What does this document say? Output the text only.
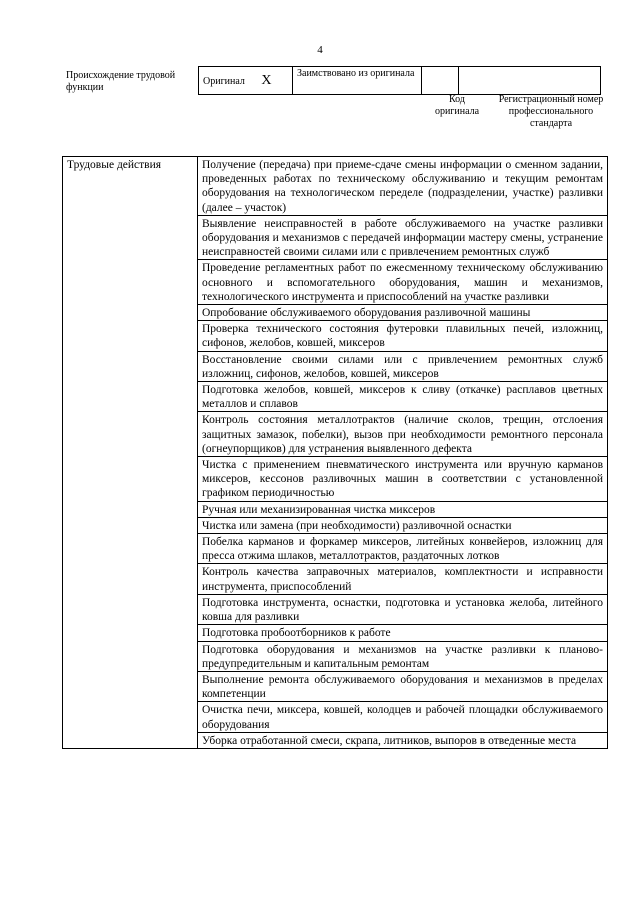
4
Происхождение трудовой функции
Оригинал X	Заимствовано из оригинала		
Код оригинала
Регистрационный номер профессионального стандарта
Трудовые действия	Получение (передача) при приеме-сдаче смены информации о сменном задании, проведенных работах по техническому обслуживанию и текущим ремонтам оборудования на технологическом переделе (подразделении, участке) разливки (далее – участок)
Выявление неисправностей в работе обслуживаемого на участке разливки оборудования и механизмов с передачей информации мастеру смены, устранение неисправностей своими силами или с привлечением ремонтных служб
Проведение регламентных работ по ежесменному техническому обслуживанию основного и вспомогательного оборудования, машин и механизмов, технологического инструмента и приспособлений на участке разливки
Опробование обслуживаемого оборудования разливочной машины
Проверка технического состояния футеровки плавильных печей, изложниц, сифонов, желобов, ковшей, миксеров
Восстановление своими силами или с привлечением ремонтных служб изложниц, сифонов, желобов, ковшей, миксеров
Подготовка желобов, ковшей, миксеров к сливу (откачке) расплавов цветных металлов и сплавов
Контроль состояния металлотрактов (наличие сколов, трещин, отслоения защитных замазок, побелки), вызов при необходимости ремонтного персонала (огнеупорщиков) для устранения выявленного дефекта
Чистка с применением пневматического инструмента или вручную карманов миксеров, кессонов разливочных машин в соответствии с установленной графиком периодичностью
Ручная или механизированная чистка миксеров
Чистка или замена (при необходимости) разливочной оснастки
Побелка карманов и форкамер миксеров, литейных конвейеров, изложниц для пресса отжима шлаков, металлотрактов, раздаточных лотков
Контроль качества заправочных материалов, комплектности и исправности инструмента, приспособлений
Подготовка инструмента, оснастки, подготовка и установка желоба, литейного ковша для разливки
Подготовка пробоотборников к работе
Подготовка оборудования и механизмов на участке разливки к планово-предупредительным и капитальным ремонтам
Выполнение ремонта обслуживаемого оборудования и механизмов в пределах компетенции
Очистка печи, миксера, ковшей, колодцев и рабочей площадки обслуживаемого оборудования
Уборка отработанной смеси, скрапа, литников, выпоров в отведенные места
